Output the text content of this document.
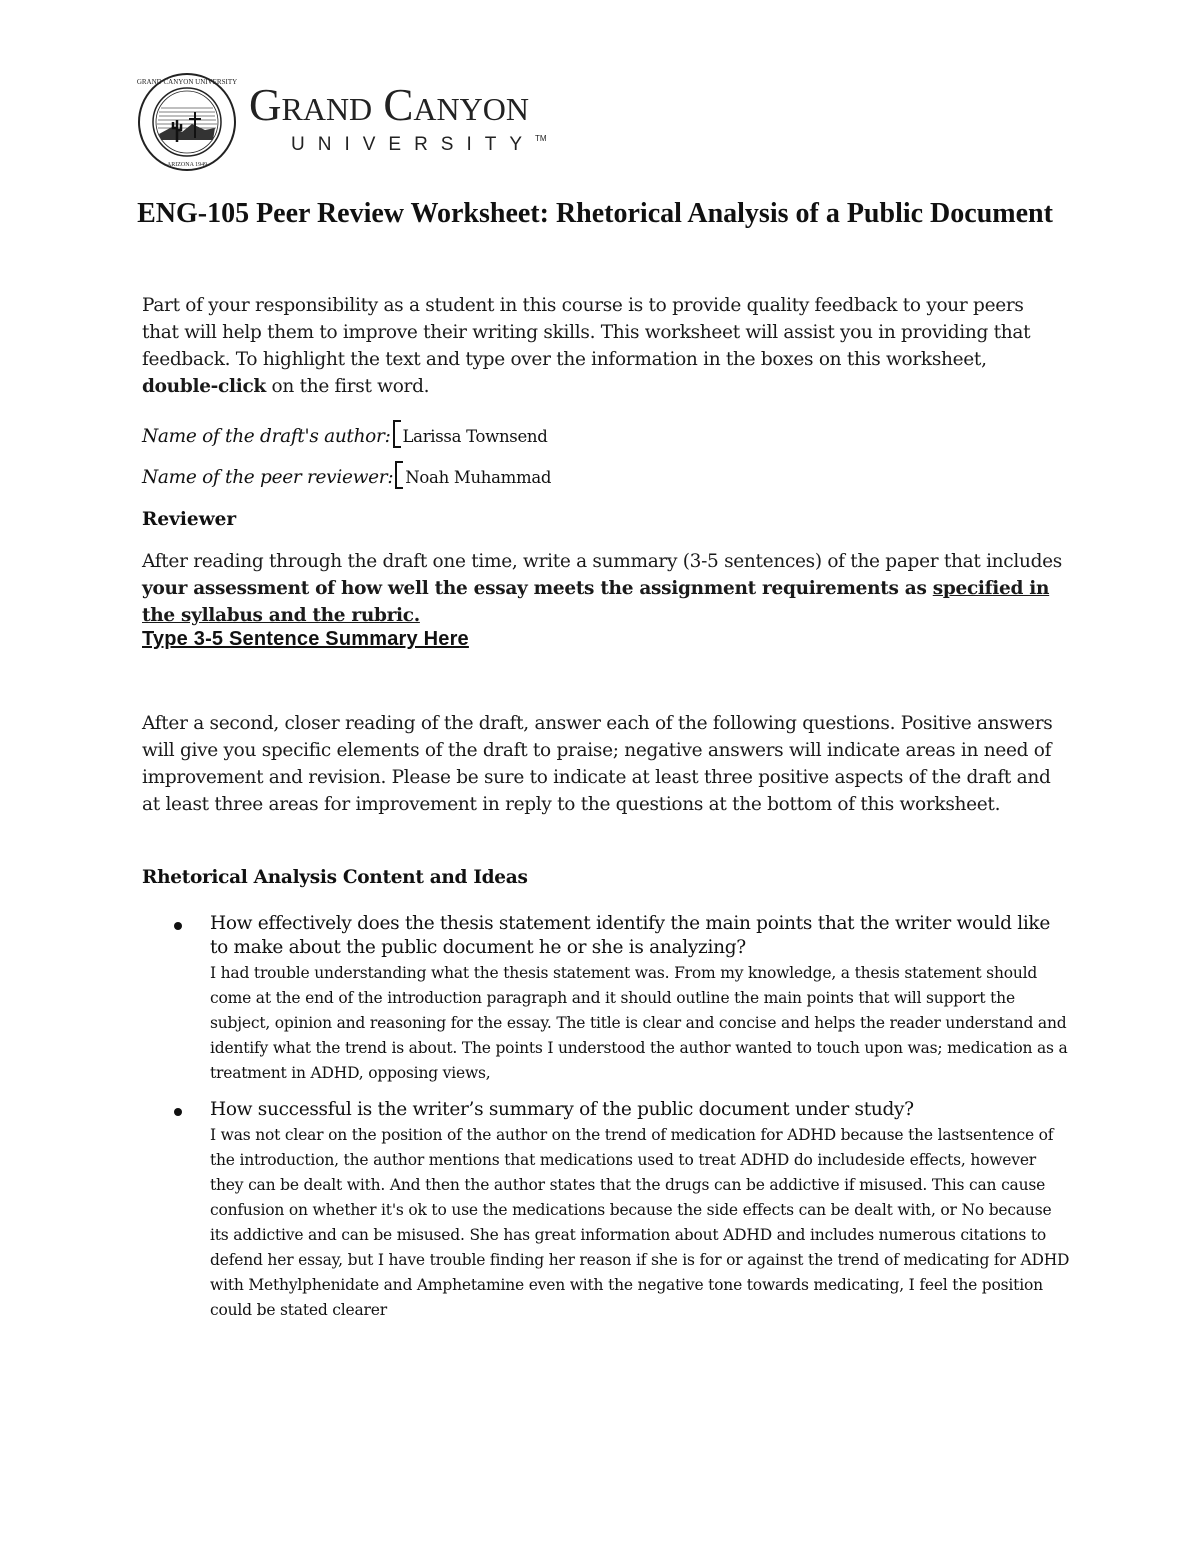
GRAND CANYON UNIVERSITY
ARIZONA 1949
Grand Canyon
UNIVERSITY™
ENG-105 Peer Review Worksheet: Rhetorical Analysis of a Public Document
Part of your responsibility as a student in this course is to provide quality feedback to your peers that will help them to improve their writing skills. This worksheet will assist you in providing that feedback. To highlight the text and type over the information in the boxes on this worksheet, double-click on the first word.
Name of the draft's author: Larissa Townsend
Name of the peer reviewer: Noah Muhammad
Reviewer
After reading through the draft one time, write a summary (3-5 sentences) of the paper that includes your assessment of how well the essay meets the assignment requirements as specified in the syllabus and the rubric.
Type 3-5 Sentence Summary Here
After a second, closer reading of the draft, answer each of the following questions. Positive answers will give you specific elements of the draft to praise; negative answers will indicate areas in need of improvement and revision. Please be sure to indicate at least three positive aspects of the draft and at least three areas for improvement in reply to the questions at the bottom of this worksheet.
Rhetorical Analysis Content and Ideas
How effectively does the thesis statement identify the main points that the writer would like to make about the public document he or she is analyzing?
I had trouble understanding what the thesis statement was. From my knowledge, a thesis statement should come at the end of the introduction paragraph and it should outline the main points that will support the subject, opinion and reasoning for the essay. The title is clear and concise and helps the reader understand and identify what the trend is about. The points I understood the author wanted to touch upon was; medication as a treatment in ADHD, opposing views,
How successful is the writer’s summary of the public document under study?
I was not clear on the position of the author on the trend of medication for ADHD because the lastsentence of the introduction, the author mentions that medications used to treat ADHD do includeside effects, however they can be dealt with. And then the author states that the drugs can be addictive if misused. This can cause confusion on whether it's ok to use the medications because the side effects can be dealt with, or No because its addictive and can be misused. She has great information about ADHD and includes numerous citations to defend her essay, but I have trouble finding her reason if she is for or against the trend of medicating for ADHD with Methylphenidate and Amphetamine even with the negative tone towards medicating, I feel the position could be stated clearer
